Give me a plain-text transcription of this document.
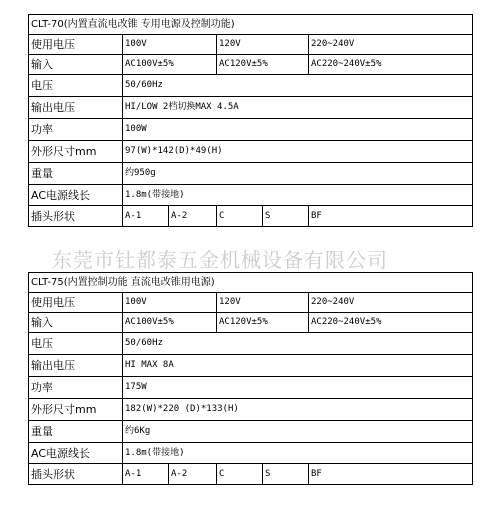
CLT-70(内置直流电改锥 专用电源及控制功能)					
使用电压	100V		120V		220~240V
输入	AC100V±5%		AC120V±5%		AC220~240V±5%
电压	50/60Hz				
输出电压	HI/LOW 2档切换MAX 4.5A				
功率	100W				
外形尺寸mm	97(W)*142(D)*49(H)				
重量	约950g				
AC电源线长	1.8m(带接地)				
插头形状	A-1	A-2	C	S	BF
东莞市钍都泰五金机械设备有限公司
CLT-75(内置控制功能 直流电改锥用电源)					
使用电压	100V		120V		220~240V
输入	AC100V±5%		AC120V±5%		AC220~240V±5%
电压	50/60Hz				
输出电压	HI MAX 8A				
功率	175W				
外形尺寸mm	182(W)*220 (D)*133(H)				
重量	约6Kg				
AC电源线长	1.8m(带接地)				
插头形状	A-1	A-2	C	S	BF
